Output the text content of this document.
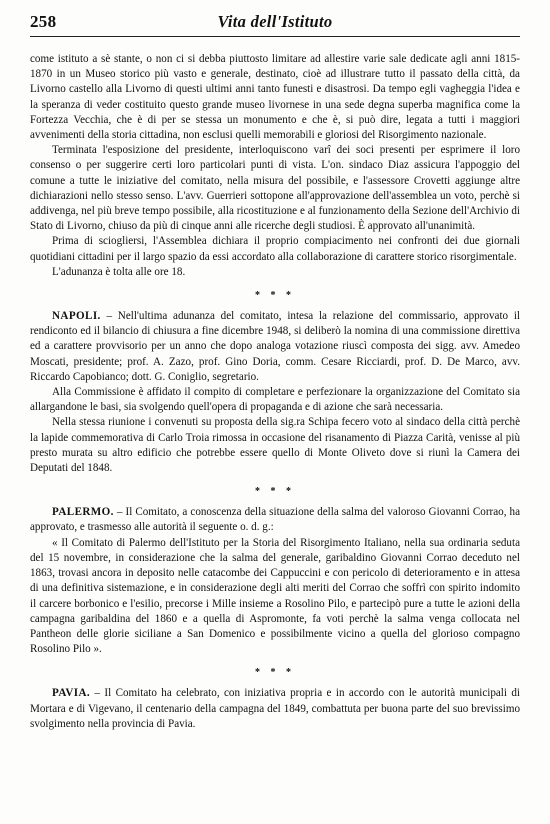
258	Vita dell'Istituto

come istituto a sè stante, o non ci si debba piuttosto limitare ad allestire varie sale dedicate agli anni 1815-1870 in un Museo storico più vasto e generale, destinato, cioè ad illustrare tutto il passato della città, da Livorno castello alla Livorno di questi ultimi anni tanto funesti e disastrosi. Da tempo egli vagheggia l'idea e la speranza di veder costituito questo grande museo livornese in una sede degna superba magnifica come la Fortezza Vecchia, che è di per se stessa un monumento e che è, si può dire, legata a tutti i maggiori avvenimenti della storia cittadina, non esclusi quelli memorabili e gloriosi del Risorgimento nazionale.

Terminata l'esposizione del presidente, interloquiscono varî dei soci presenti per esprimere il loro consenso o per suggerire certi loro particolari punti di vista. L'on. sindaco Diaz assicura l'appoggio del comune a tutte le iniziative del comitato, nella misura del possibile, e l'assessore Crovetti aggiunge altre dichiarazioni nello stesso senso. L'avv. Guerrieri sottopone all'approvazione dell'assemblea un voto, perchè si addivenga, nel più breve tempo possibile, alla ricostituzione e al funzionamento della Sezione dell'Archivio di Stato di Livorno, chiuso da più di cinque anni alle ricerche degli studiosi. È approvato all'unanimità.

Prima di sciogliersi, l'Assemblea dichiara il proprio compiacimento nei confronti dei due giornali quotidiani cittadini per il largo spazio da essi accordato alla collaborazione di carattere storico risorgimentale.

L'adunanza è tolta alle ore 18.

* * *

NAPOLI. – Nell'ultima adunanza del comitato, intesa la relazione del commissario, approvato il rendiconto ed il bilancio di chiusura a fine dicembre 1948, si deliberò la nomina di una commissione direttiva ed a carattere provvisorio per un anno che dopo analoga votazione riuscì composta dei sigg. avv. Amedeo Moscati, presidente; prof. A. Zazo, prof. Gino Doria, comm. Cesare Ricciardi, prof. D. De Marco, avv. Riccardo Capobianco; dott. G. Coniglio, segretario.

Alla Commissione è affidato il compito di completare e perfezionare la organizzazione del Comitato sia allargandone le basi, sia svolgendo quell'opera di propaganda e di azione che sarà necessaria.

Nella stessa riunione i convenuti su proposta della sig.ra Schipa fecero voto al sindaco della città perchè la lapide commemorativa di Carlo Troia rimossa in occasione del risanamento di Piazza Carità, venisse al più presto murata su altro edificio che potrebbe essere quello di Monte Oliveto dove si riunì la Camera dei Deputati del 1848.

* * *

PALERMO. – Il Comitato, a conoscenza della situazione della salma del valoroso Giovanni Corrao, ha approvato, e trasmesso alle autorità il seguente o. d. g.:

« Il Comitato di Palermo dell'Istituto per la Storia del Risorgimento Italiano, nella sua ordinaria seduta del 15 novembre, in considerazione che la salma del generale, garibaldino Giovanni Corrao deceduto nel 1863, trovasi ancora in deposito nelle catacombe dei Cappuccini e con pericolo di deterioramento e in attesa di una definitiva sistemazione, e in considerazione degli alti meriti del Corrao che soffrì con spirito indomito il carcere borbonico e l'esilio, precorse i Mille insieme a Rosolino Pilo, e partecipò pure a tutte le azioni della campagna garibaldina del 1860 e a quella di Aspromonte, fa voti perchè la salma venga collocata nel Pantheon delle glorie siciliane a San Domenico e possibilmente vicino a quella del glorioso compagno Rosolino Pilo ».

* * *

PAVIA. – Il Comitato ha celebrato, con iniziativa propria e in accordo con le autorità municipali di Mortara e di Vigevano, il centenario della campagna del 1849, combattuta per buona parte del suo brevissimo svolgimento nella provincia di Pavia.
